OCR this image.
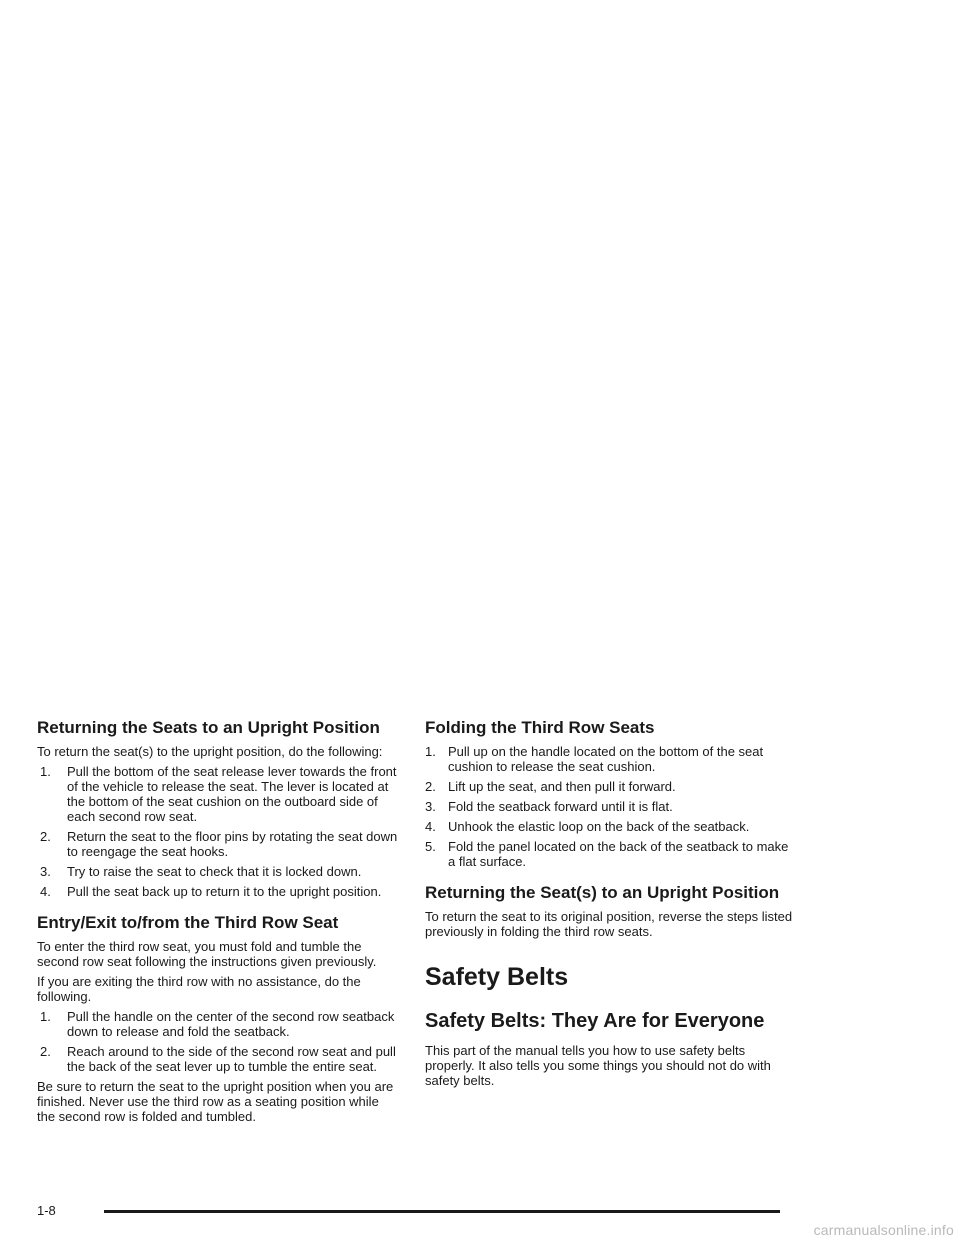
Returning the Seats to an Upright Position

To return the seat(s) to the upright position, do the following:

1. Pull the bottom of the seat release lever towards the front of the vehicle to release the seat. The lever is located at the bottom of the seat cushion on the outboard side of each second row seat.
2. Return the seat to the floor pins by rotating the seat down to reengage the seat hooks.
3. Try to raise the seat to check that it is locked down.
4. Pull the seat back up to return it to the upright position.
Entry/Exit to/from the Third Row Seat

To enter the third row seat, you must fold and tumble the second row seat following the instructions given previously.

If you are exiting the third row with no assistance, do the following.

1. Pull the handle on the center of the second row seatback down to release and fold the seatback.
2. Reach around to the side of the second row seat and pull the back of the seat lever up to tumble the entire seat.

Be sure to return the seat to the upright position when you are finished. Never use the third row as a seating position while the second row is folded and tumbled.

Folding the Third Row Seats
1. Pull up on the handle located on the bottom of the seat cushion to release the seat cushion.
2. Lift up the seat, and then pull it forward.
3. Fold the seatback forward until it is flat.
4. Unhook the elastic loop on the back of the seatback.
5. Fold the panel located on the back of the seatback to make a flat surface.
Returning the Seat(s) to an Upright Position

To return the seat to its original position, reverse the steps listed previously in folding the third row seats.

Safety Belts
Safety Belts: They Are for Everyone

This part of the manual tells you how to use safety belts properly. It also tells you some things you should not do with safety belts.

1-8
carmanualsonline.info
